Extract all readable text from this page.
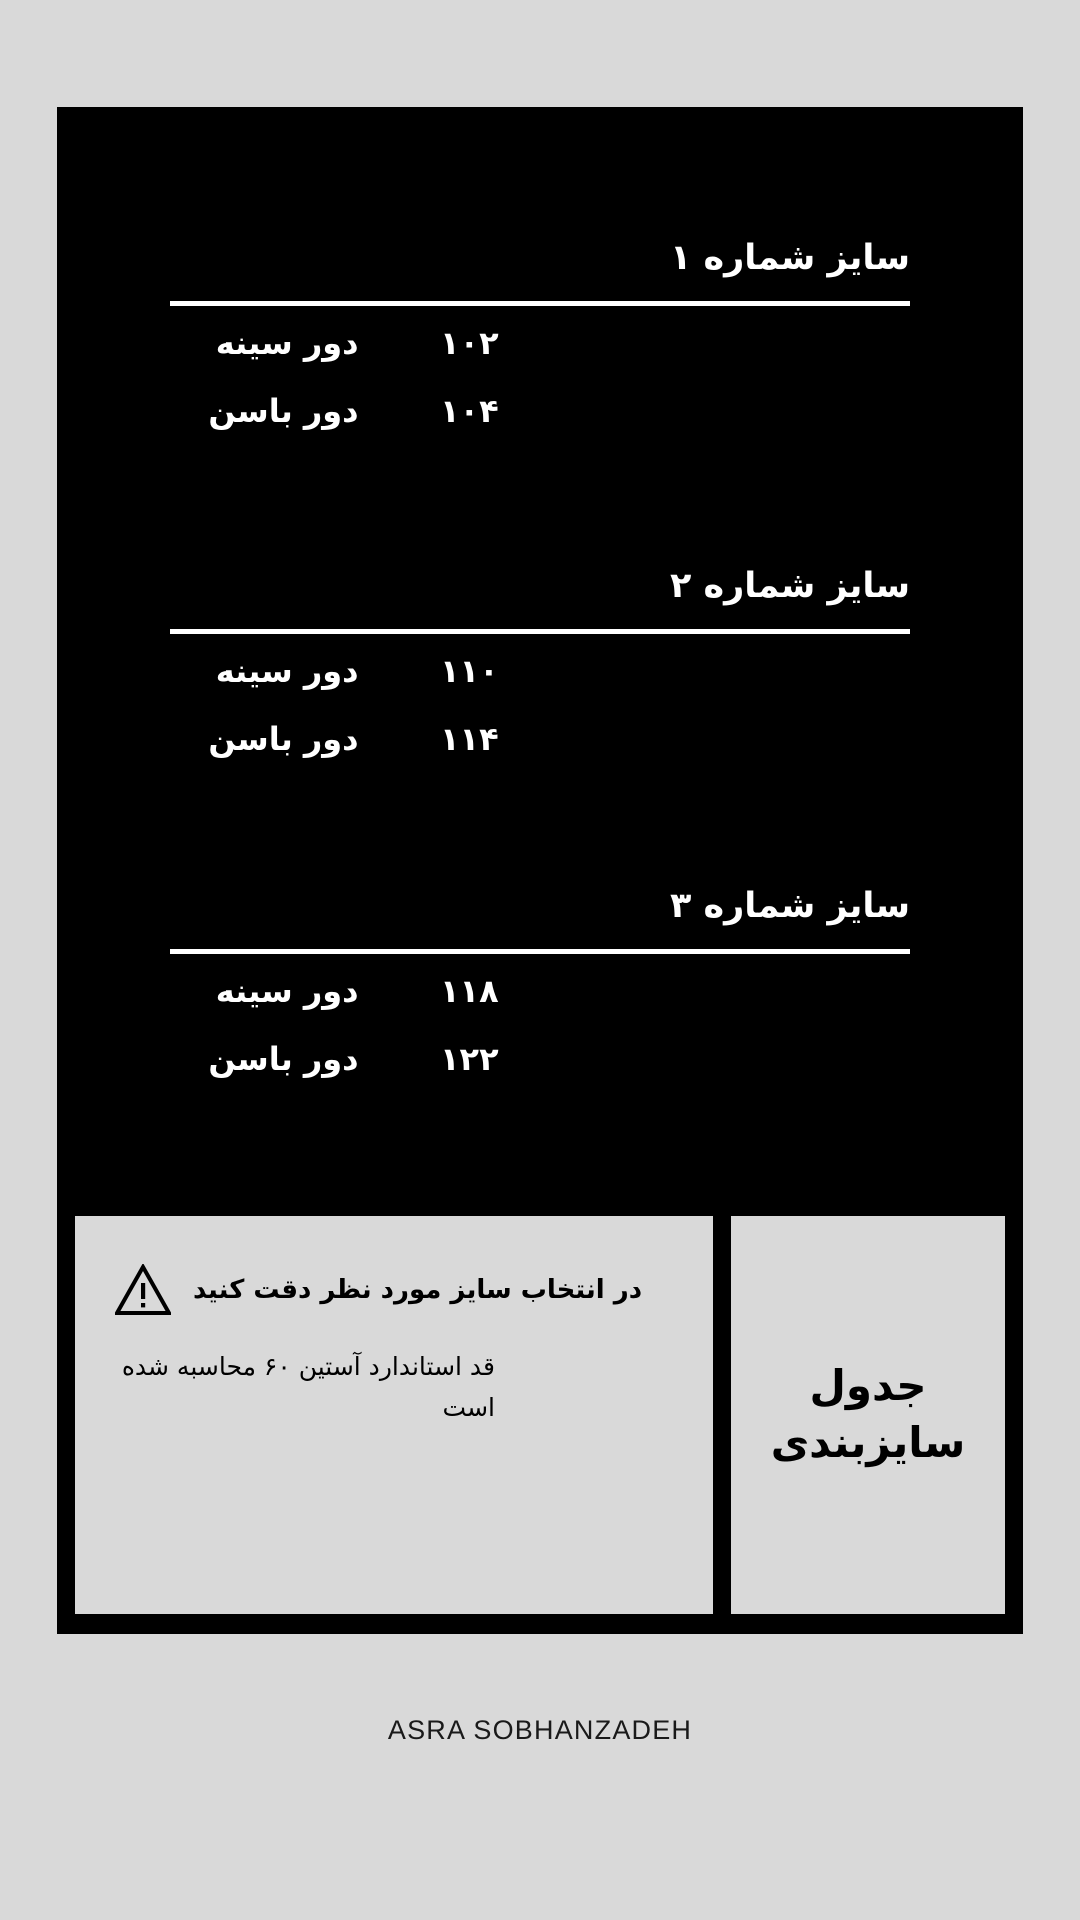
سایز شماره ۱
دور سینه	۱۰۲
دور باسن	۱۰۴
سایز شماره ۲
دور سینه	۱۱۰
دور باسن	۱۱۴
سایز شماره ۳
دور سینه	۱۱۸
دور باسن	۱۲۲
جدول
سایزبندی
در انتخاب سایز مورد نظر دقت کنید
قد استاندارد آستین ۶۰ محاسبه شده است
ASRA SOBHANZADEH
